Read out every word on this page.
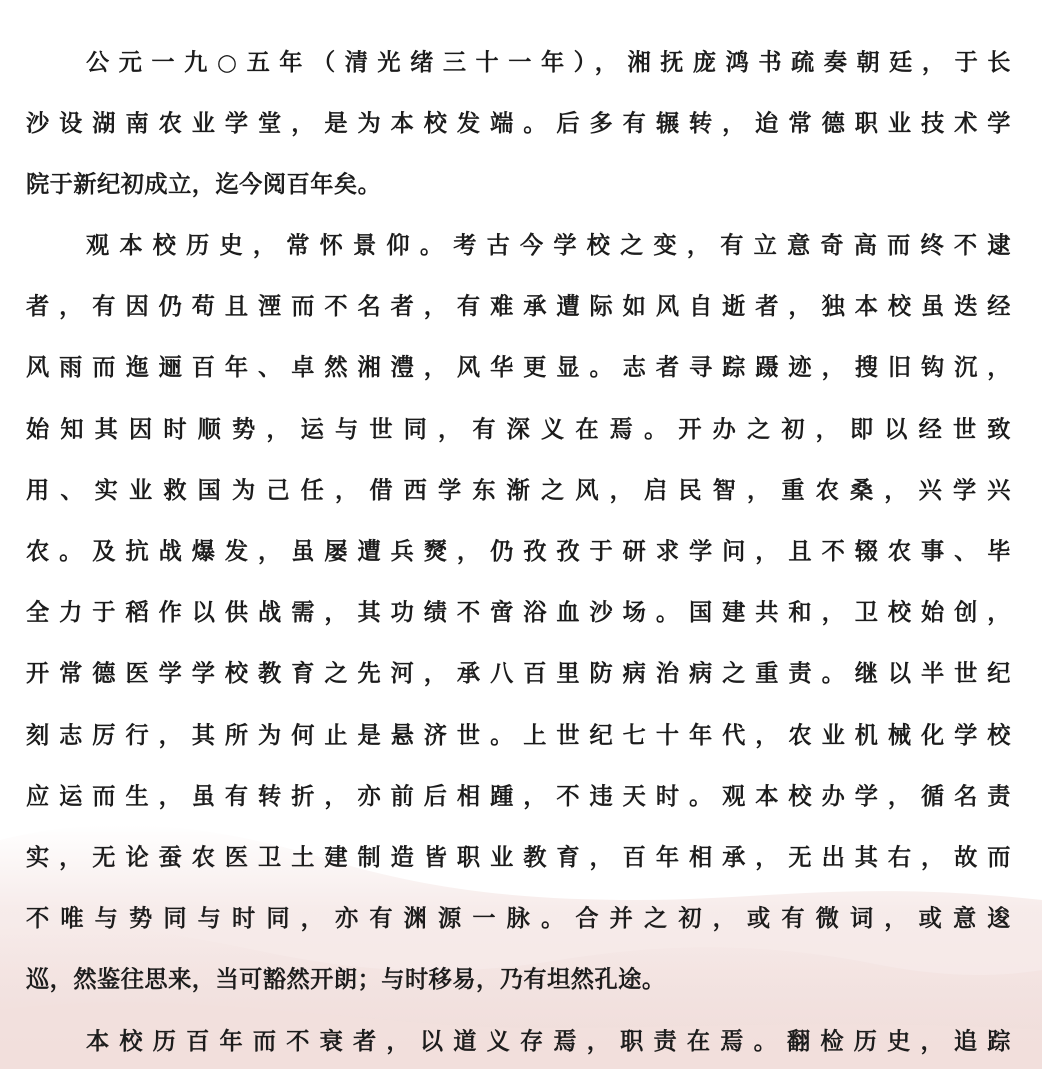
公元一九○五年（清光绪三十一年），湘抚庞鸿书疏奏朝廷，于长
沙设湖南农业学堂，是为本校发端。后多有辗转，迨常德职业技术学
院于新纪初成立，迄今阅百年矣。
观本校历史，常怀景仰。考古今学校之变，有立意奇高而终不逮
者，有因仍苟且湮而不名者，有难承遭际如风自逝者，独本校虽迭经
风雨而迤逦百年、卓然湘澧，风华更显。志者寻踪蹑迹，搜旧钩沉，
始知其因时顺势，运与世同，有深义在焉。开办之初，即以经世致
用、实业救国为己任，借西学东渐之风，启民智，重农桑，兴学兴
农。及抗战爆发，虽屡遭兵燹，仍孜孜于研求学问，且不辍农事、毕
全力于稻作以供战需，其功绩不啻浴血沙场。国建共和，卫校始创，
开常德医学学校教育之先河，承八百里防病治病之重责。继以半世纪
刻志厉行，其所为何止是悬济世。上世纪七十年代，农业机械化学校
应运而生，虽有转折，亦前后相踵，不违天时。观本校办学，循名责
实，无论蚕农医卫土建制造皆职业教育，百年相承，无出其右，故而
不唯与势同与时同，亦有渊源一脉。合并之初，或有微词，或意逡
巡，然鉴往思来，当可豁然开朗；与时移易，乃有坦然孔途。
本校历百年而不衰者，以道义存焉，职责在焉。翻检历史，追踪
